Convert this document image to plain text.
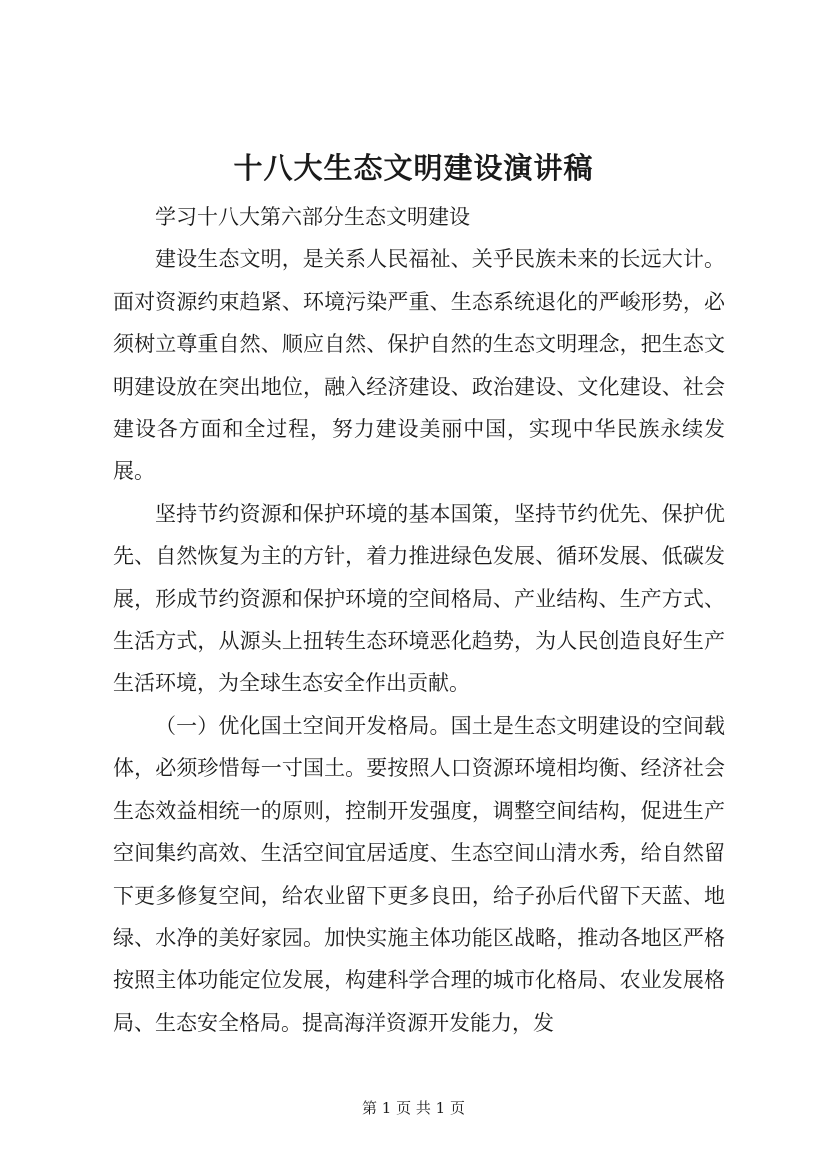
十八大生态文明建设演讲稿

学习十八大第六部分生态文明建设

建设生态文明，是关系人民福祉、关乎民族未来的长远大计。面对资源约束趋紧、环境污染严重、生态系统退化的严峻形势，必须树立尊重自然、顺应自然、保护自然的生态文明理念，把生态文明建设放在突出地位，融入经济建设、政治建设、文化建设、社会建设各方面和全过程，努力建设美丽中国，实现中华民族永续发展。

坚持节约资源和保护环境的基本国策，坚持节约优先、保护优先、自然恢复为主的方针，着力推进绿色发展、循环发展、低碳发展，形成节约资源和保护环境的空间格局、产业结构、生产方式、生活方式，从源头上扭转生态环境恶化趋势，为人民创造良好生产生活环境，为全球生态安全作出贡献。

（一）优化国土空间开发格局。国土是生态文明建设的空间载体，必须珍惜每一寸国土。要按照人口资源环境相均衡、经济社会生态效益相统一的原则，控制开发强度，调整空间结构，促进生产空间集约高效、生活空间宜居适度、生态空间山清水秀，给自然留下更多修复空间，给农业留下更多良田，给子孙后代留下天蓝、地绿、水净的美好家园。加快实施主体功能区战略，推动各地区严格按照主体功能定位发展，构建科学合理的城市化格局、农业发展格局、生态安全格局。提高海洋资源开发能力，发

第 1 页 共 1 页
